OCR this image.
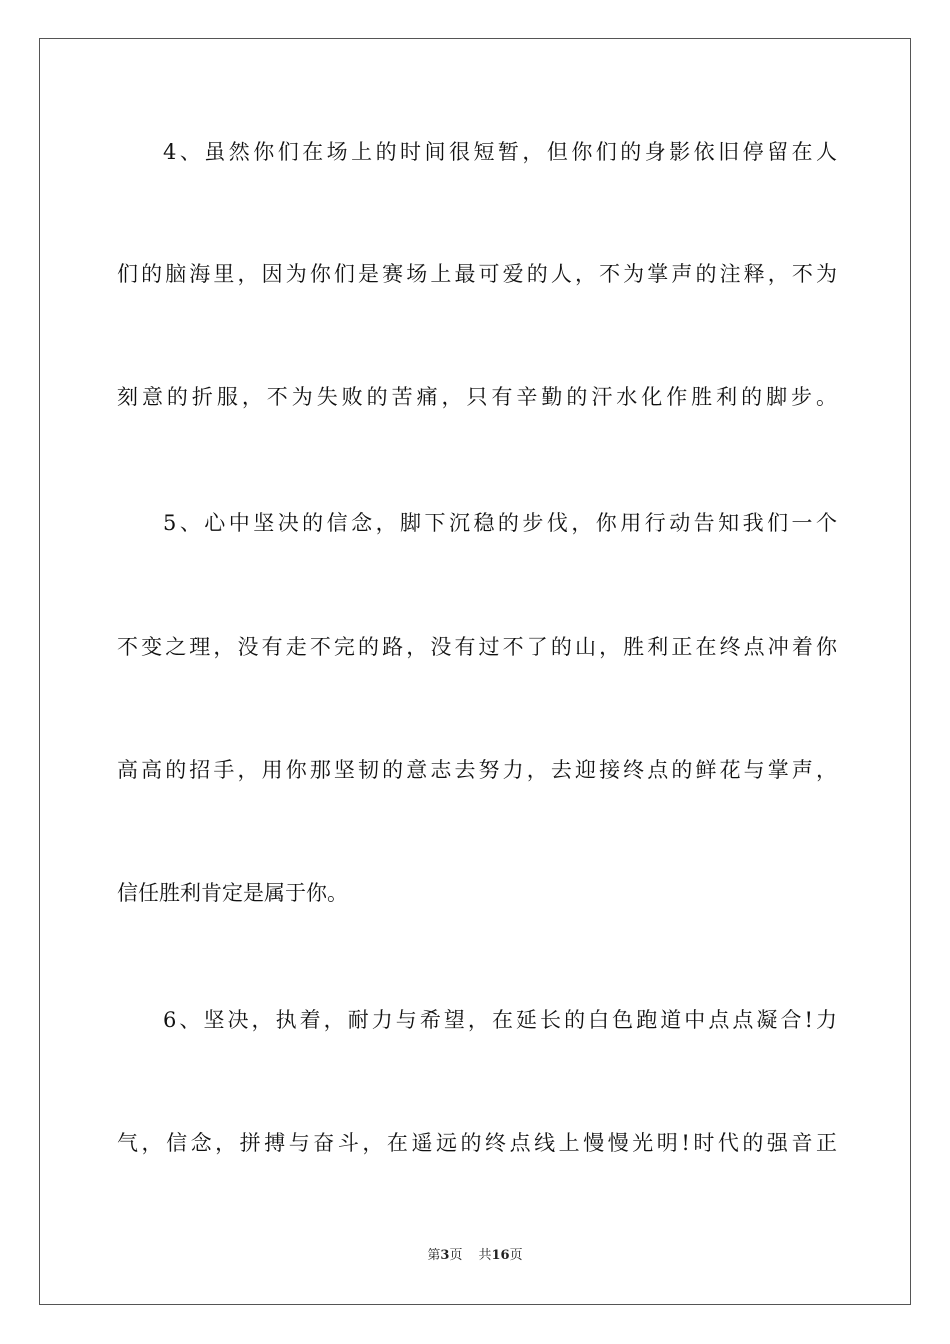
4、虽然你们在场上的时间很短暂，但你们的身影依旧停留在人
们的脑海里，因为你们是赛场上最可爱的人，不为掌声的注释，不为
刻意的折服，不为失败的苦痛，只有辛勤的汗水化作胜利的脚步。
5、心中坚决的信念，脚下沉稳的步伐，你用行动告知我们一个
不变之理，没有走不完的路，没有过不了的山，胜利正在终点冲着你
高高的招手，用你那坚韧的意志去努力，去迎接终点的鲜花与掌声，
信任胜利肯定是属于你。
6、坚决，执着，耐力与希望，在延长的白色跑道中点点凝合!力
气，信念，拼搏与奋斗，在遥远的终点线上慢慢光明!时代的强音正
第3页 共16页
